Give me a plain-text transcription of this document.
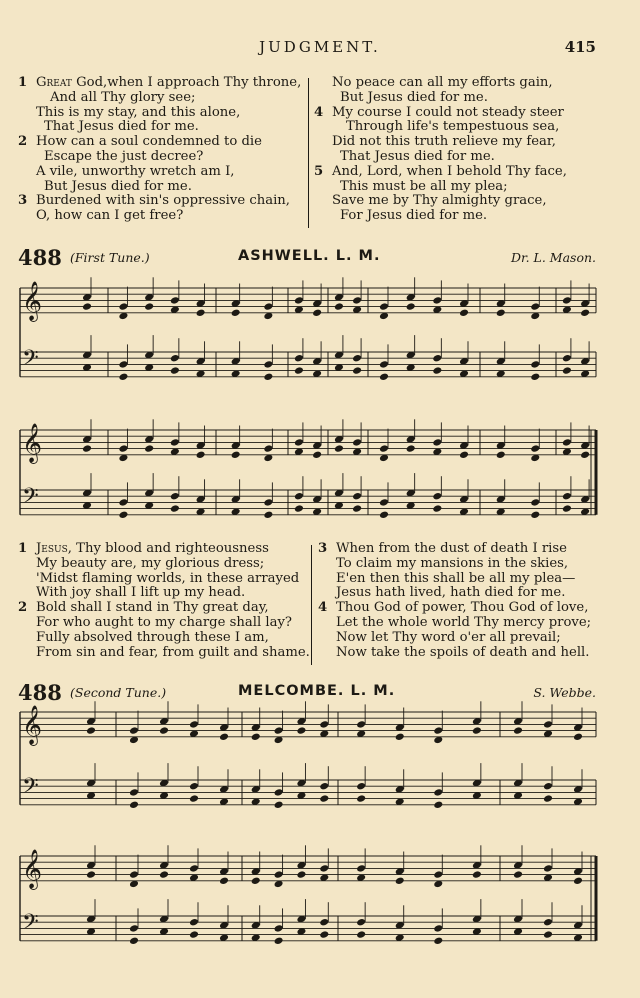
JUDGMENT.	415
1 Great God,when I approach Thy throne,
And all Thy glory see;
This is my stay, and this alone,
That Jesus died for me.
2 How can a soul condemned to die
Escape the just decree?
A vile, unworthy wretch am I,
But Jesus died for me.
3 Burdened with sin's oppressive chain,
O, how can I get free?
No peace can all my efforts gain,
But Jesus died for me.
4 My course I could not steady steer
Through life's tempestuous sea,
Did not this truth relieve my fear,
That Jesus died for me.
5 And, Lord, when I behold Thy face,
This must be all my plea;
Save me by Thy almighty grace,
For Jesus died for me.
488 (First Tune.)	ASHWELL. L. M.	Dr. L. Mason.
𝄞
𝄢
𝄞
𝄢
𝄞
𝄢
𝄞
𝄢
1 Jesus, Thy blood and righteousness
My beauty are, my glorious dress;
'Midst flaming worlds, in these arrayed
With joy shall I lift up my head.
2 Bold shall I stand in Thy great day,
For who aught to my charge shall lay?
Fully absolved through these I am,
From sin and fear, from guilt and shame.
3 When from the dust of death I rise
To claim my mansions in the skies,
E'en then this shall be all my plea—
Jesus hath lived, hath died for me.
4 Thou God of power, Thou God of love,
Let the whole world Thy mercy prove;
Now let Thy word o'er all prevail;
Now take the spoils of death and hell.
488 (Second Tune.)	MELCOMBE. L. M.	S. Webbe.
